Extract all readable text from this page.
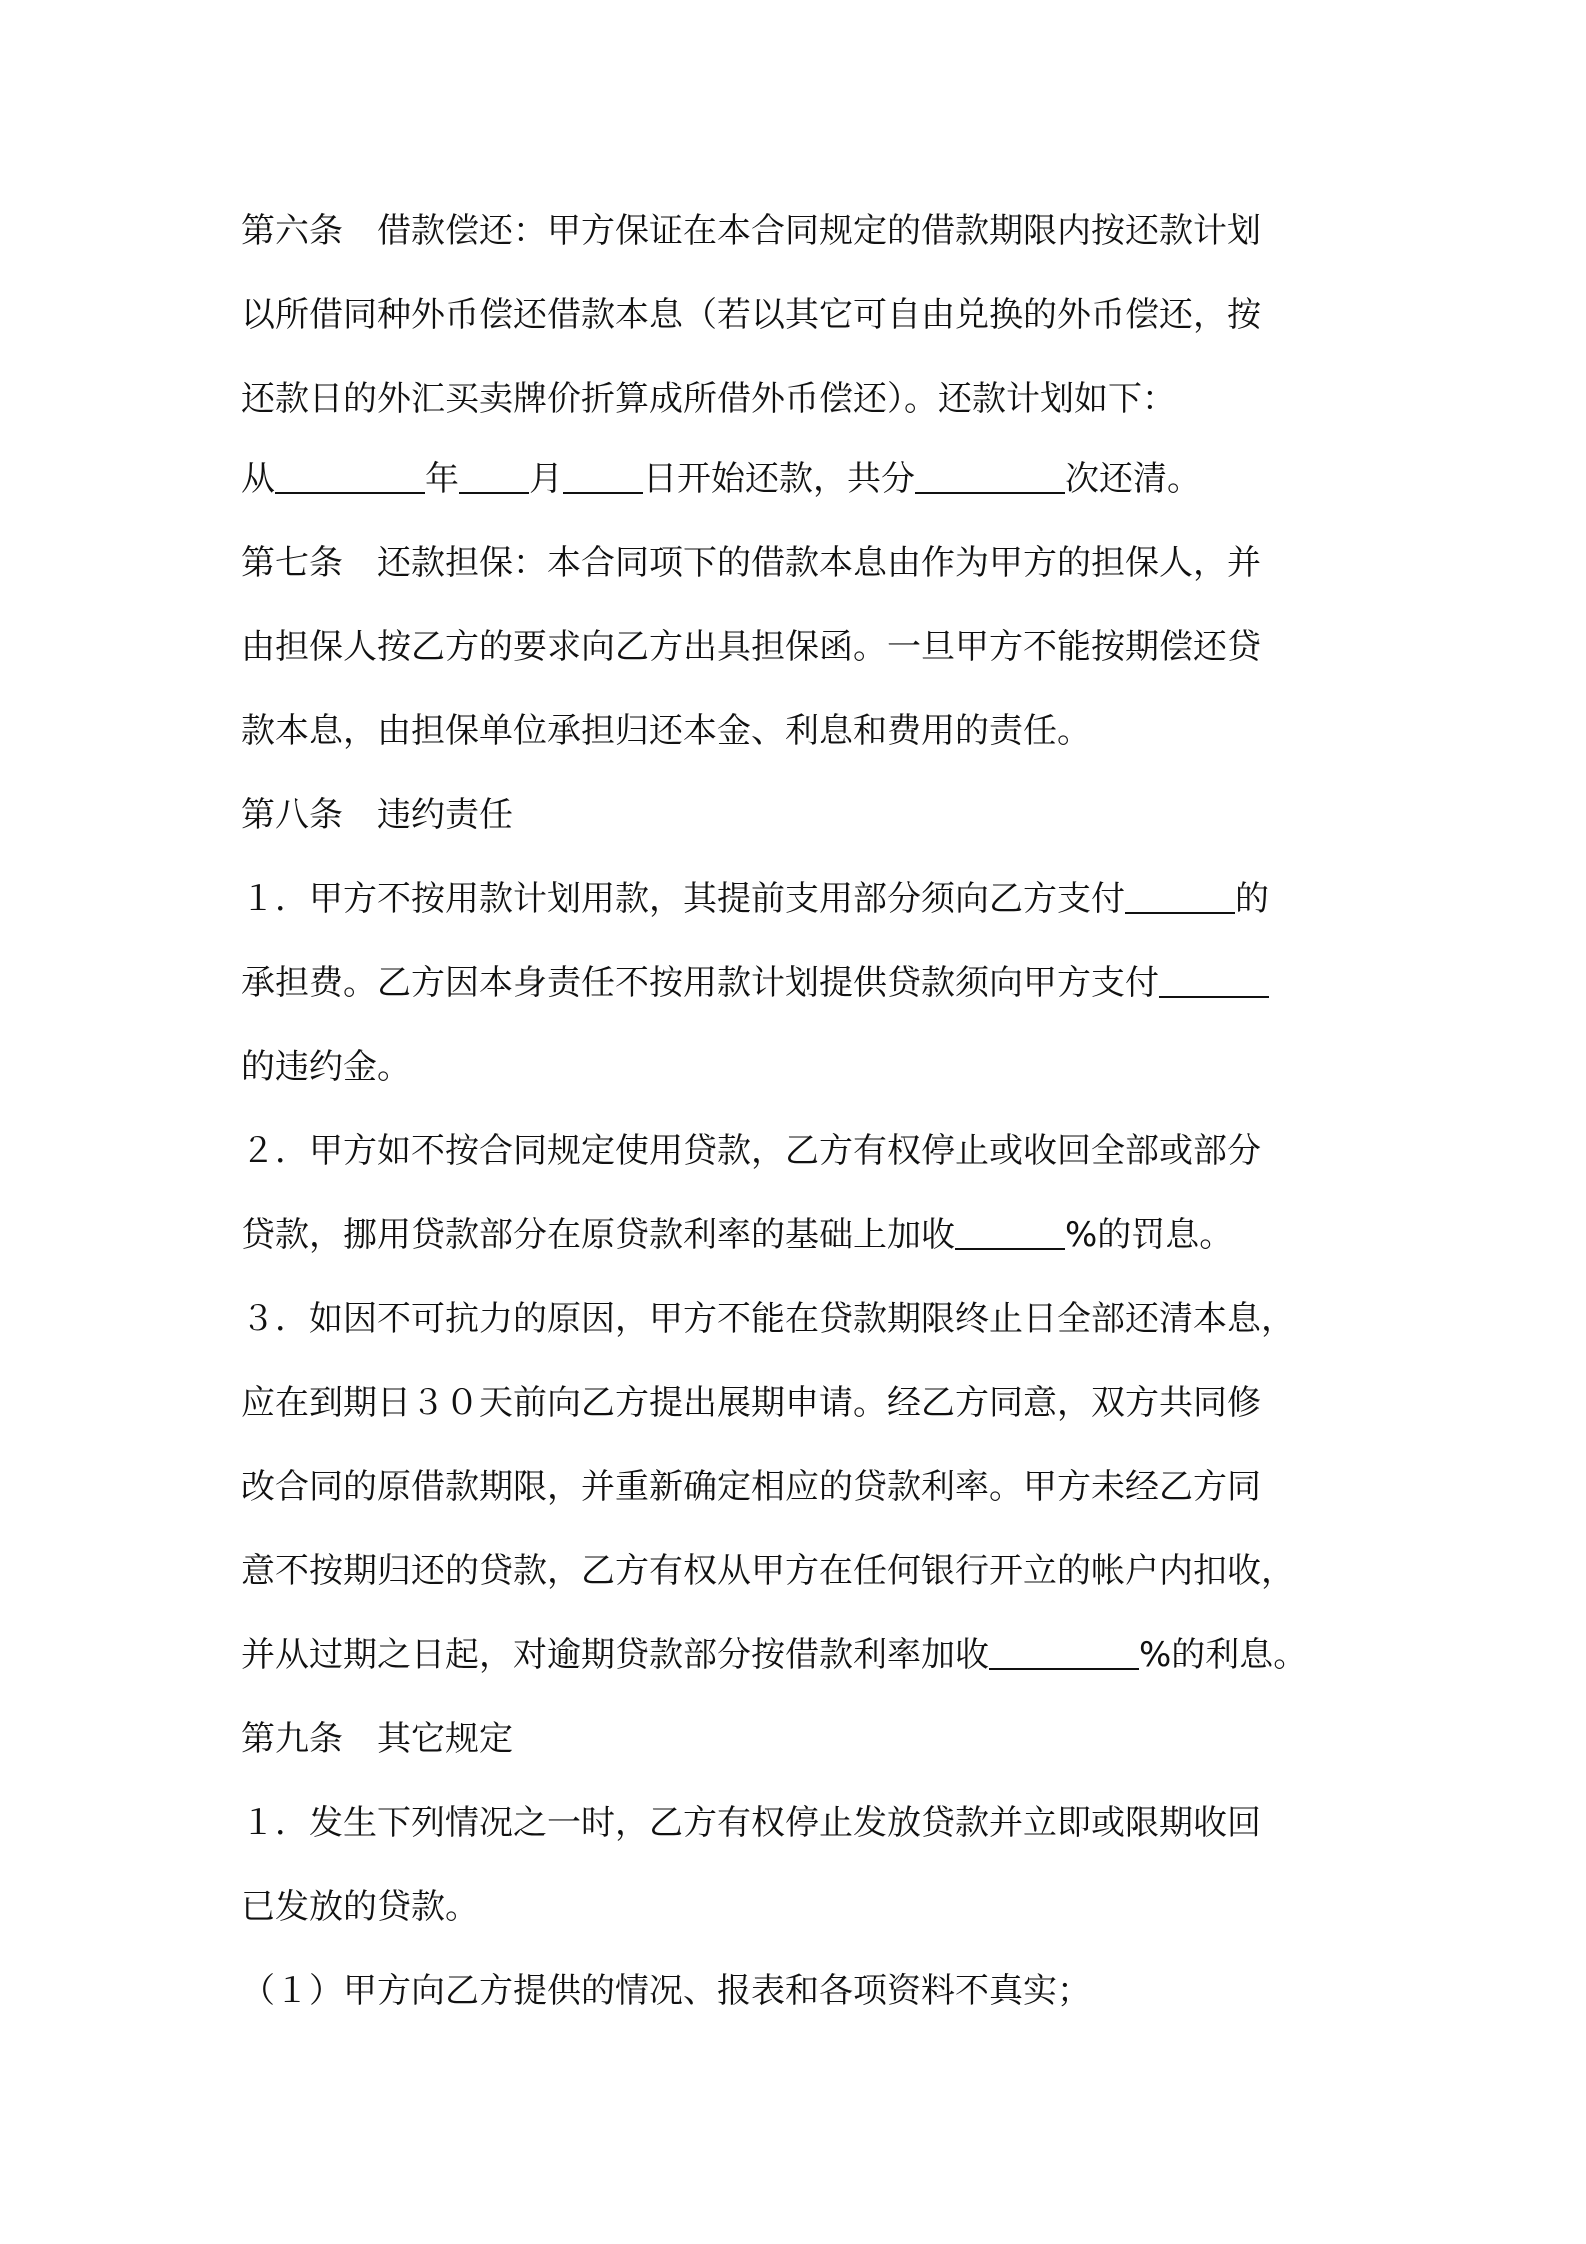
第六条　借款偿还：甲方保证在本合同规定的借款期限内按还款计划
以所借同种外币偿还借款本息（若以其它可自由兑换的外币偿还，按
还款日的外汇买卖牌价折算成所借外币偿还）。还款计划如下：
从	年 月 日开始还款，共分	次还清。
第七条　还款担保：本合同项下的借款本息由作为甲方的担保人，并
由担保人按乙方的要求向乙方出具担保函。一旦甲方不能按期偿还贷
款本息，由担保单位承担归还本金、利息和费用的责任。
第八条　违约责任
１．甲方不按用款计划用款，其提前支用部分须向乙方支付	的
承担费。乙方因本身责任不按用款计划提供贷款须向甲方支付
的违约金。
２．甲方如不按合同规定使用贷款，乙方有权停止或收回全部或部分
贷款，挪用贷款部分在原贷款利率的基础上加收	%的罚息。
３．如因不可抗力的原因，甲方不能在贷款期限终止日全部还清本息，
应在到期日３０天前向乙方提出展期申请。经乙方同意，双方共同修
改合同的原借款期限，并重新确定相应的贷款利率。甲方未经乙方同
意不按期归还的贷款，乙方有权从甲方在任何银行开立的帐户内扣收，
并从过期之日起，对逾期贷款部分按借款利率加收	%的利息。
第九条　其它规定
１．发生下列情况之一时，乙方有权停止发放贷款并立即或限期收回
已发放的贷款。
（１）甲方向乙方提供的情况、报表和各项资料不真实；
